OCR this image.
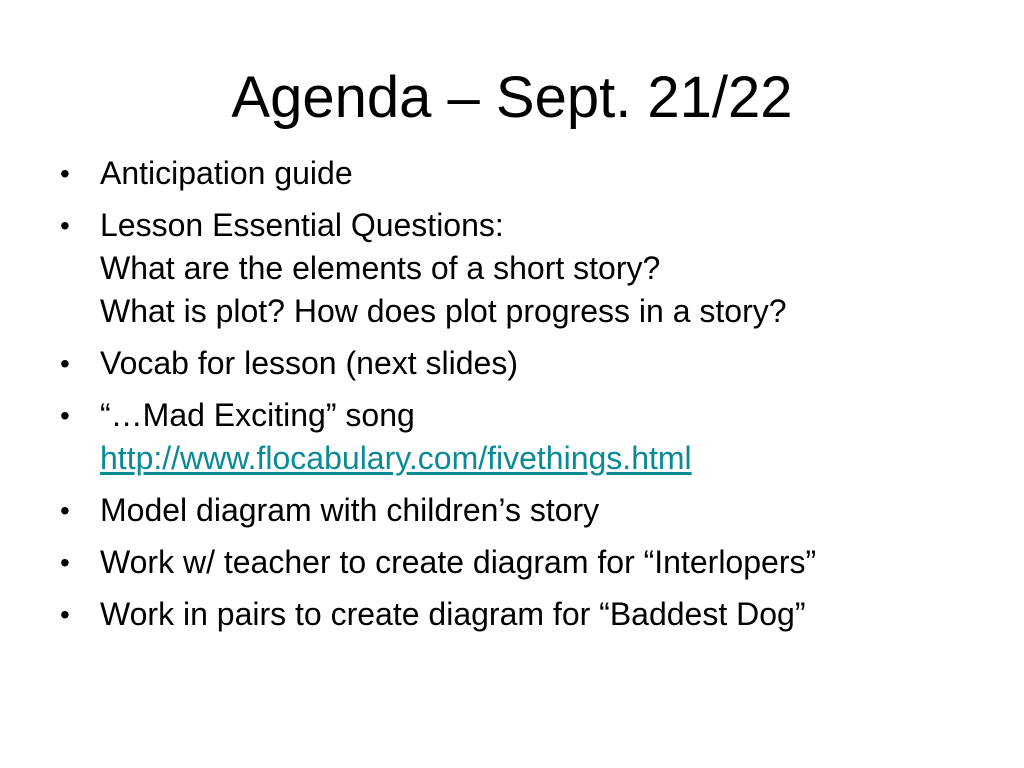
Agenda – Sept. 21/22
• Anticipation guide
• Lesson Essential Questions:
What are the elements of a short story?
What is plot? How does plot progress in a story?
• Vocab for lesson (next slides)
• “…Mad Exciting” song
http://www.flocabulary.com/fivethings.html
• Model diagram with children’s story
• Work w/ teacher to create diagram for “Interlopers”
• Work in pairs to create diagram for “Baddest Dog”
